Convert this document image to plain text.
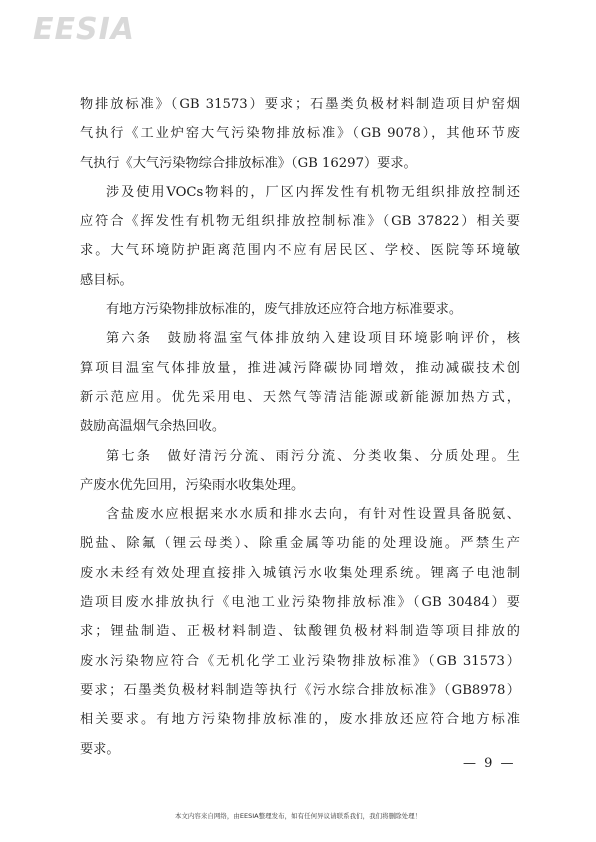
EESIA
物排放标准》（GB 31573）要求；石墨类负极材料制造项目炉窑烟
气执行《工业炉窑大气污染物排放标准》（GB 9078），其他环节废
气执行《大气污染物综合排放标准》（GB 16297）要求。
涉及使用VOCs物料的，厂区内挥发性有机物无组织排放控制还
应符合《挥发性有机物无组织排放控制标准》（GB 37822）相关要
求。大气环境防护距离范围内不应有居民区、学校、医院等环境敏
感目标。
有地方污染物排放标准的，废气排放还应符合地方标准要求。
第六条　鼓励将温室气体排放纳入建设项目环境影响评价，核
算项目温室气体排放量，推进减污降碳协同增效，推动减碳技术创
新示范应用。优先采用电、天然气等清洁能源或新能源加热方式，
鼓励高温烟气余热回收。
第七条　做好清污分流、雨污分流、分类收集、分质处理。生
产废水优先回用，污染雨水收集处理。
含盐废水应根据来水水质和排水去向，有针对性设置具备脱氨、
脱盐、除氟（锂云母类）、除重金属等功能的处理设施。严禁生产
废水未经有效处理直接排入城镇污水收集处理系统。锂离子电池制
造项目废水排放执行《电池工业污染物排放标准》（GB 30484）要
求；锂盐制造、正极材料制造、钛酸锂负极材料制造等项目排放的
废水污染物应符合《无机化学工业污染物排放标准》（GB 31573）
要求；石墨类负极材料制造等执行《污水综合排放标准》（GB8978）
相关要求。有地方污染物排放标准的，废水排放还应符合地方标准
要求。
— 9 —
本文内容来自网络，由EESIA整理发布，如有任何异议请联系我们，我们将删除处理！
